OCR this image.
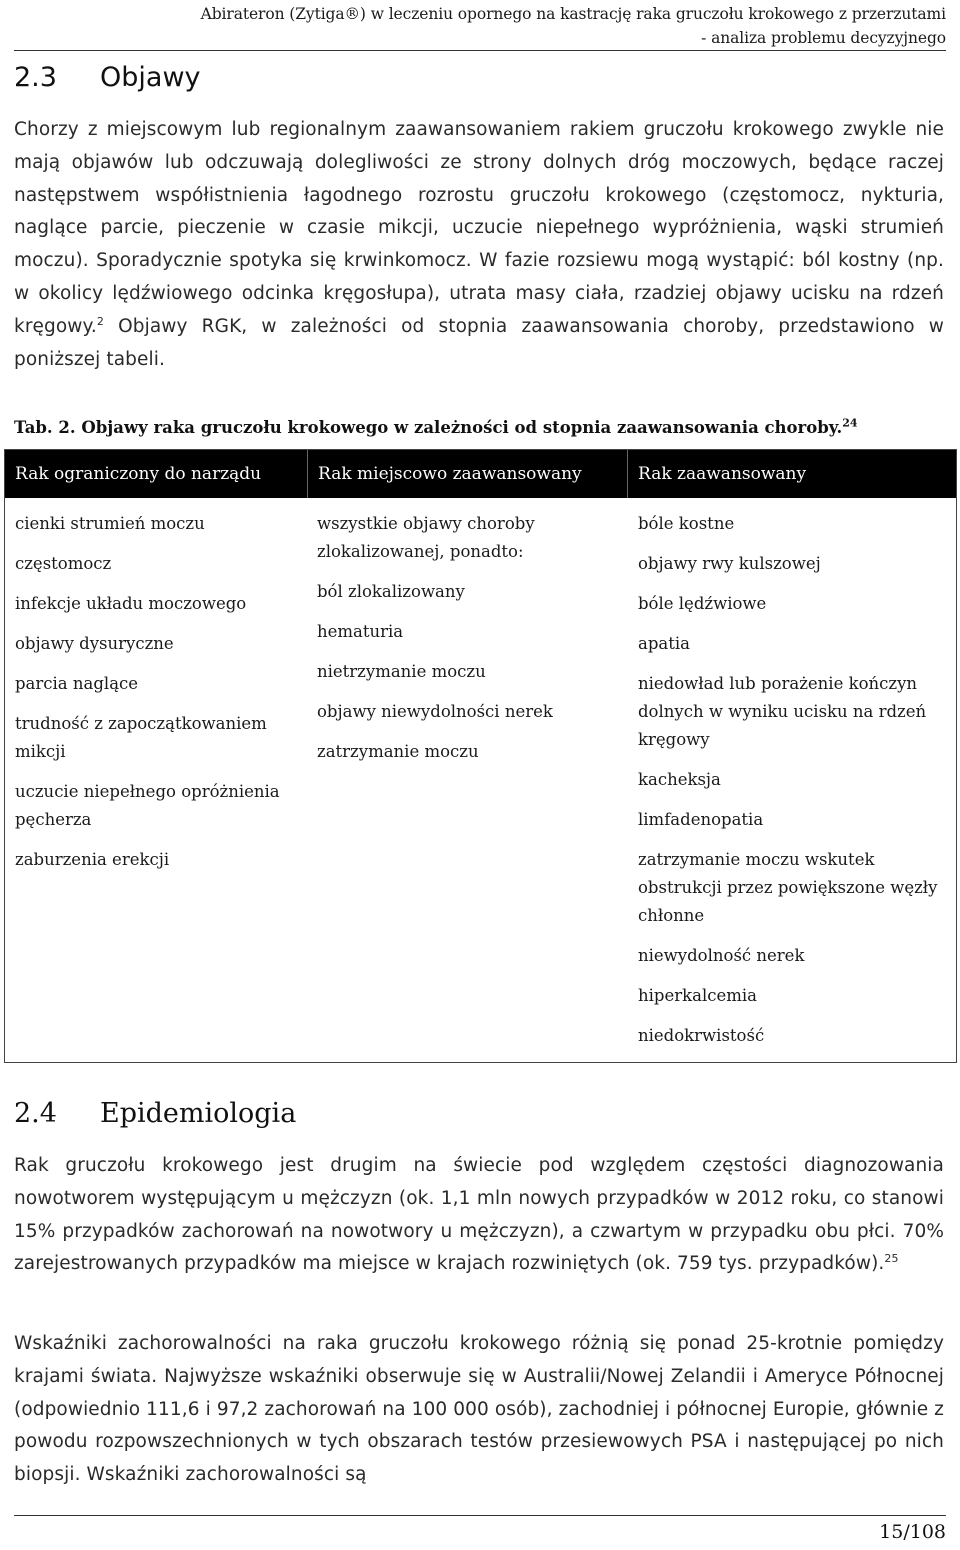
Abirateron (Zytiga®) w leczeniu opornego na kastrację raka gruczołu krokowego z przerzutami
- analiza problemu decyzyjnego
2.3 Objawy
Chorzy z miejscowym lub regionalnym zaawansowaniem rakiem gruczołu krokowego zwykle nie mają objawów lub odczuwają dolegliwości ze strony dolnych dróg moczowych, będące raczej następstwem współistnienia łagodnego rozrostu gruczołu krokowego (częstomocz, nykturia, naglące parcie, pieczenie w czasie mikcji, uczucie niepełnego wypróżnienia, wąski strumień moczu). Sporadycznie spotyka się krwinkomocz. W fazie rozsiewu mogą wystąpić: ból kostny (np. w okolicy lędźwiowego odcinka kręgosłupa), utrata masy ciała, rzadziej objawy ucisku na rdzeń kręgowy.$^2$ Objawy RGK, w zależności od stopnia zaawansowania choroby, przedstawiono w poniższej tabeli.
Tab. 2. Objawy raka gruczołu krokowego w zależności od stopnia zaawansowania choroby.$^{24}$
Rak ograniczony do narządu	Rak miejscowo zaawansowany	Rak zaawansowany
cienki strumień moczu
częstomocz
infekcje układu moczowego
objawy dysuryczne
parcia naglące
trudność z zapoczątkowaniem mikcji
uczucie niepełnego opróżnienia pęcherza
zaburzenia erekcji
wszystkie objawy choroby zlokalizowanej, ponadto:
ból zlokalizowany
hematuria
nietrzymanie moczu
objawy niewydolności nerek
zatrzymanie moczu
bóle kostne
objawy rwy kulszowej
bóle lędźwiowe
apatia
niedowład lub porażenie kończyn dolnych w wyniku ucisku na rdzeń kręgowy
kacheksja
limfadenopatia
zatrzymanie moczu wskutek obstrukcji przez powiększone węzły chłonne
niewydolność nerek
hiperkalcemia
niedokrwistość
2.4 Epidemiologia
Rak gruczołu krokowego jest drugim na świecie pod względem częstości diagnozowania nowotworem występującym u mężczyzn (ok. 1,1 mln nowych przypadków w 2012 roku, co stanowi 15% przypadków zachorowań na nowotwory u mężczyzn), a czwartym w przypadku obu płci. 70% zarejestrowanych przypadków ma miejsce w krajach rozwiniętych (ok. 759 tys. przypadków).$^{25}$
Wskaźniki zachorowalności na raka gruczołu krokowego różnią się ponad 25-krotnie pomiędzy krajami świata. Najwyższe wskaźniki obserwuje się w Australii/Nowej Zelandii i Ameryce Północnej (odpowiednio 111,6 i 97,2 zachorowań na 100 000 osób), zachodniej i północnej Europie, głównie z powodu rozpowszechnionych w tych obszarach testów przesiewowych PSA i następującej po nich biopsji. Wskaźniki zachorowalności są
15/108
